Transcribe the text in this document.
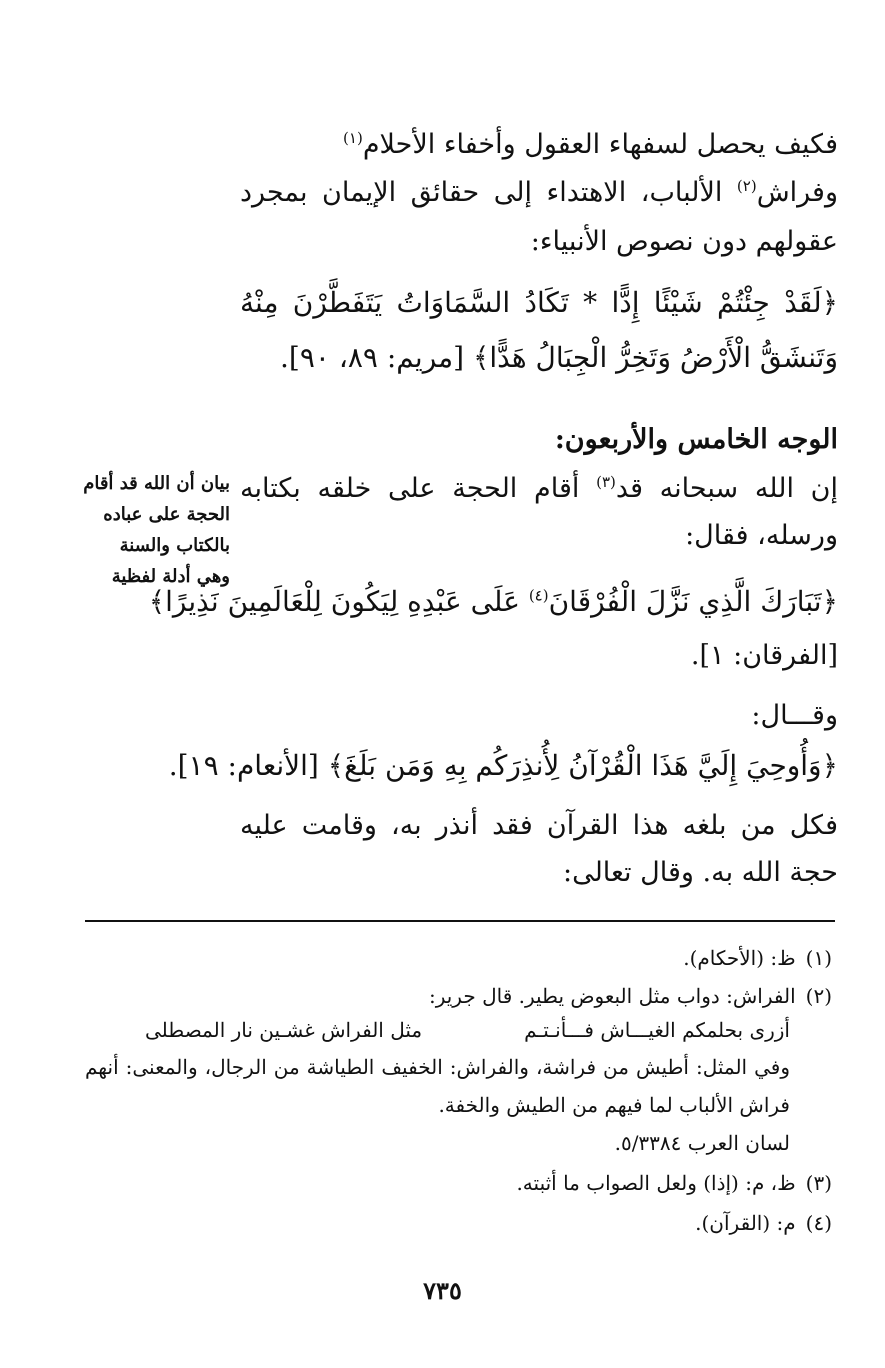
فكيف يحصل لسفهاء العقول وأخفاء الأحلام$^{(١)}$
وفراش$^{(٢)}$ الألباب، الاهتداء إلى حقائق الإيمان بمجرد
عقولهم دون نصوص الأنبياء:
﴿لَقَدْ جِئْتُمْ شَيْئًا إِدًّا * تَكَادُ السَّمَاوَاتُ يَتَفَطَّرْنَ مِنْهُ
وَتَنشَقُّ الْأَرْضُ وَتَخِرُّ الْجِبَالُ هَدًّا﴾ [مريم: ٨٩، ٩٠].
الوجه الخامس والأربعون:
إن الله سبحانه قد$^{(٣)}$ أقام الحجة على خلقه بكتابه
ورسله، فقال:
﴿تَبَارَكَ الَّذِي نَزَّلَ الْفُرْقَانَ$^{(٤)}$ عَلَى عَبْدِهِ لِيَكُونَ لِلْعَالَمِينَ نَذِيرًا﴾
[الفرقان: ١].
وقـــال:
﴿وَأُوحِيَ إِلَيَّ هَذَا الْقُرْآنُ لِأُنذِرَكُم بِهِ وَمَن بَلَغَ﴾ [الأنعام: ١٩].
فكل من بلغه هذا القرآن فقد أنذر به، وقامت عليه
حجة الله به. وقال تعالى:
بيان أن الله قد أقام
الحجة على عباده
بالكتاب والسنة
وهي أدلة لفظية
(١) ظ: (الأحكام).
(٢) الفراش: دواب مثل البعوض يطير. قال جرير:
أزرى بحلمكم الغيـــاش فـــأنـتـم
مثل الفراش غشـين نار المصطلى
وفي المثل: أطيش من فراشة، والفراش: الخفيف الطياشة من الرجال، والمعنى: أنهم
فراش الألباب لما فيهم من الطيش والخفة.
لسان العرب ٥/٣٣٨٤.
(٣) ظ، م: (إذا) ولعل الصواب ما أثبته.
(٤) م: (القرآن).
٧٣٥
